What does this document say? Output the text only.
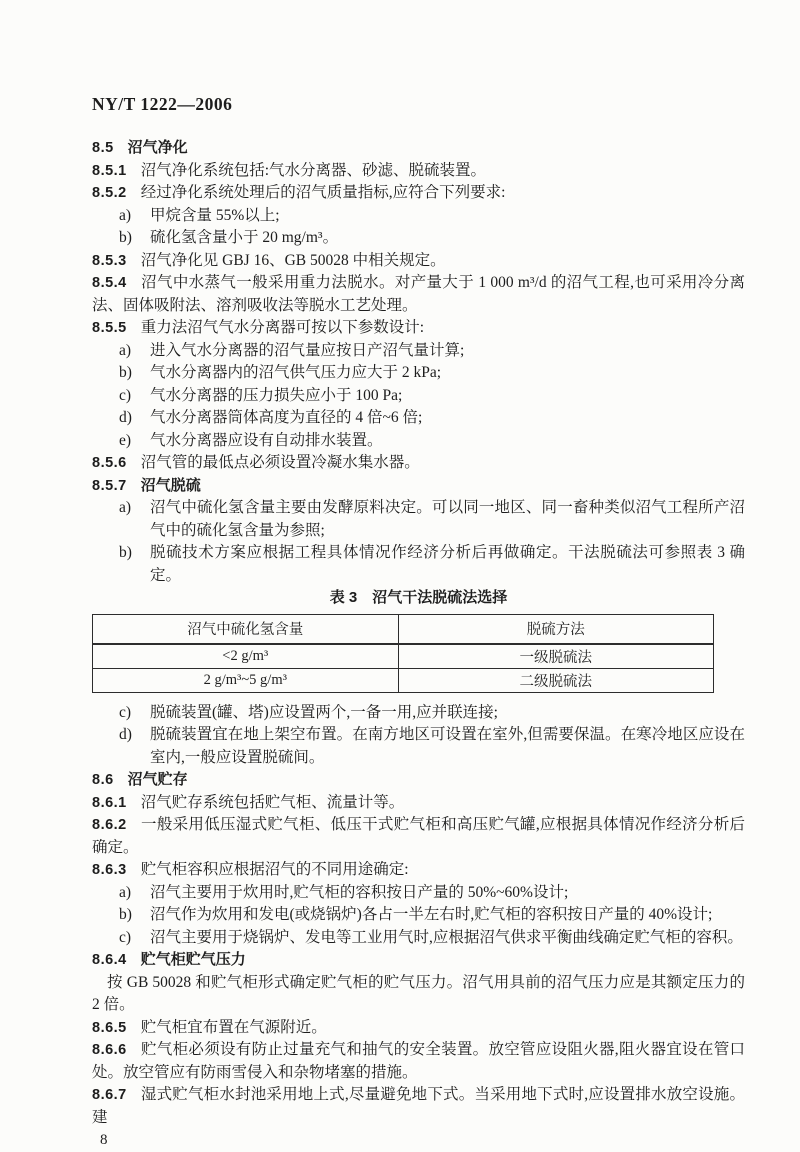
NY/T 1222—2006

8.5 沼气净化

8.5.1 沼气净化系统包括:气水分离器、砂滤、脱硫装置。

8.5.2 经过净化系统处理后的沼气质量指标,应符合下列要求:

a) 甲烷含量 55%以上;

b) 硫化氢含量小于 20 mg/m³。

8.5.3 沼气净化见 GBJ 16、GB 50028 中相关规定。

8.5.4 沼气中水蒸气一般采用重力法脱水。对产量大于 1 000 m³/d 的沼气工程,也可采用冷分离法、固体吸附法、溶剂吸收法等脱水工艺处理。

8.5.5 重力法沼气气水分离器可按以下参数设计:

a) 进入气水分离器的沼气量应按日产沼气量计算;

b) 气水分离器内的沼气供气压力应大于 2 kPa;

c) 气水分离器的压力损失应小于 100 Pa;

d) 气水分离器筒体高度为直径的 4 倍~6 倍;

e) 气水分离器应设有自动排水装置。

8.5.6 沼气管的最低点必须设置冷凝水集水器。

8.5.7 沼气脱硫

a) 沼气中硫化氢含量主要由发酵原料决定。可以同一地区、同一畜种类似沼气工程所产沼气中的硫化氢含量为参照;

b) 脱硫技术方案应根据工程具体情况作经济分析后再做确定。干法脱硫法可参照表 3 确定。

表 3　沼气干法脱硫法选择

沼气中硫化氢含量	脱硫方法
<2 g/m³	一级脱硫法
2 g/m³~5 g/m³	二级脱硫法

c) 脱硫装置(罐、塔)应设置两个,一备一用,应并联连接;

d) 脱硫装置宜在地上架空布置。在南方地区可设置在室外,但需要保温。在寒冷地区应设在室内,一般应设置脱硫间。

8.6 沼气贮存

8.6.1 沼气贮存系统包括贮气柜、流量计等。

8.6.2 一般采用低压湿式贮气柜、低压干式贮气柜和高压贮气罐,应根据具体情况作经济分析后确定。

8.6.3 贮气柜容积应根据沼气的不同用途确定:

a) 沼气主要用于炊用时,贮气柜的容积按日产量的 50%~60%设计;

b) 沼气作为炊用和发电(或烧锅炉)各占一半左右时,贮气柜的容积按日产量的 40%设计;

c) 沼气主要用于烧锅炉、发电等工业用气时,应根据沼气供求平衡曲线确定贮气柜的容积。

8.6.4 贮气柜贮气压力

按 GB 50028 和贮气柜形式确定贮气柜的贮气压力。沼气用具前的沼气压力应是其额定压力的 2 倍。

8.6.5 贮气柜宜布置在气源附近。

8.6.6 贮气柜必须设有防止过量充气和抽气的安全装置。放空管应设阻火器,阻火器宜设在管口处。放空管应有防雨雪侵入和杂物堵塞的措施。

8.6.7 湿式贮气柜水封池采用地上式,尽量避免地下式。当采用地下式时,应设置排水放空设施。建

8
